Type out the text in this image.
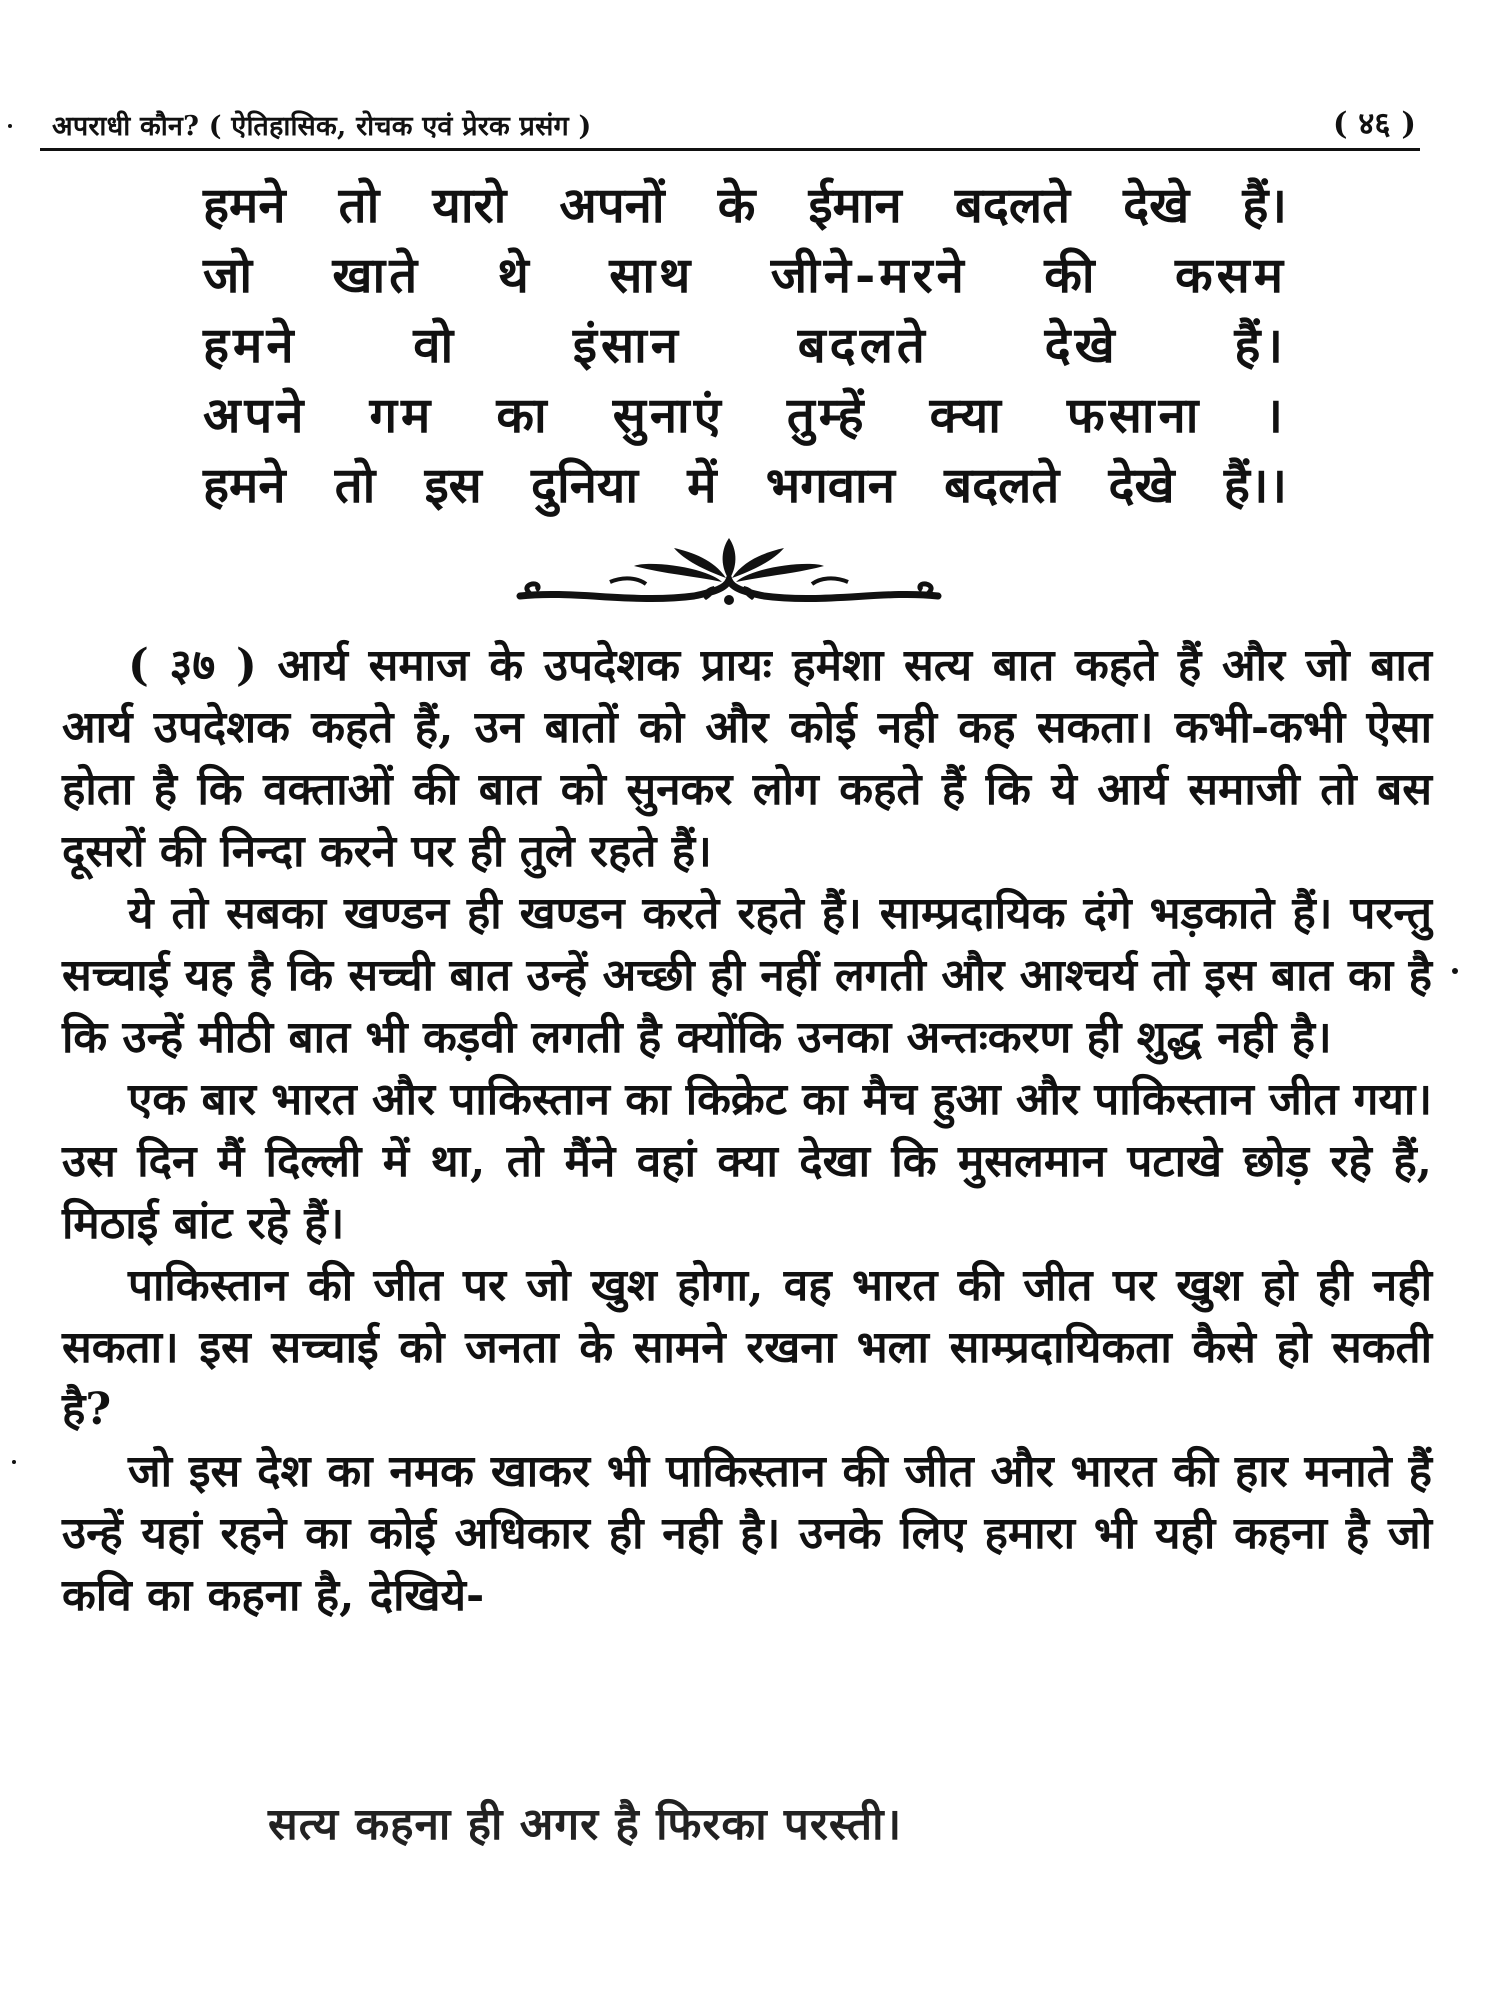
अपराधी कौन? ( ऐतिहासिक, रोचक एवं प्रेरक प्रसंग )	( ४६ )
हमने तो यारो अपनों के ईमान बदलते देखे हैं।
जो खाते थे साथ जीने-मरने की कसम
हमने वो इंसान बदलते देखे हैं।
अपने गम का सुनाएं तुम्हें क्या फसाना ।
हमने तो इस दुनिया में भगवान बदलते देखे हैं।।

( ३७ ) आर्य समाज के उपदेशक प्रायः हमेशा सत्य बात कहते हैं और जो बात आर्य उपदेशक कहते हैं, उन बातों को और कोई नही कह सकता। कभी-कभी ऐसा होता है कि वक्ताओं की बात को सुनकर लोग कहते हैं कि ये आर्य समाजी तो बस दूसरों की निन्दा करने पर ही तुले रहते हैं।

ये तो सबका खण्डन ही खण्डन करते रहते हैं। साम्प्रदायिक दंगे भड़काते हैं। परन्तु सच्चाई यह है कि सच्ची बात उन्हें अच्छी ही नहीं लगती और आश्चर्य तो इस बात का है कि उन्हें मीठी बात भी कड़वी लगती है क्योंकि उनका अन्तःकरण ही शुद्ध नही है।

एक बार भारत और पाकिस्तान का किक्रेट का मैच हुआ और पाकिस्तान जीत गया। उस दिन मैं दिल्ली में था, तो मैंने वहां क्या देखा कि मुसलमान पटाखे छोड़ रहे हैं, मिठाई बांट रहे हैं।

पाकिस्तान की जीत पर जो खुश होगा, वह भारत की जीत पर खुश हो ही नही सकता। इस सच्चाई को जनता के सामने रखना भला साम्प्रदायिकता कैसे हो सकती है?

जो इस देश का नमक खाकर भी पाकिस्तान की जीत और भारत की हार मनाते हैं उन्हें यहां रहने का कोई अधिकार ही नही है। उनके लिए हमारा भी यही कहना है जो कवि का कहना है, देखिये-

सत्य कहना ही अगर है फिरका परस्ती।
